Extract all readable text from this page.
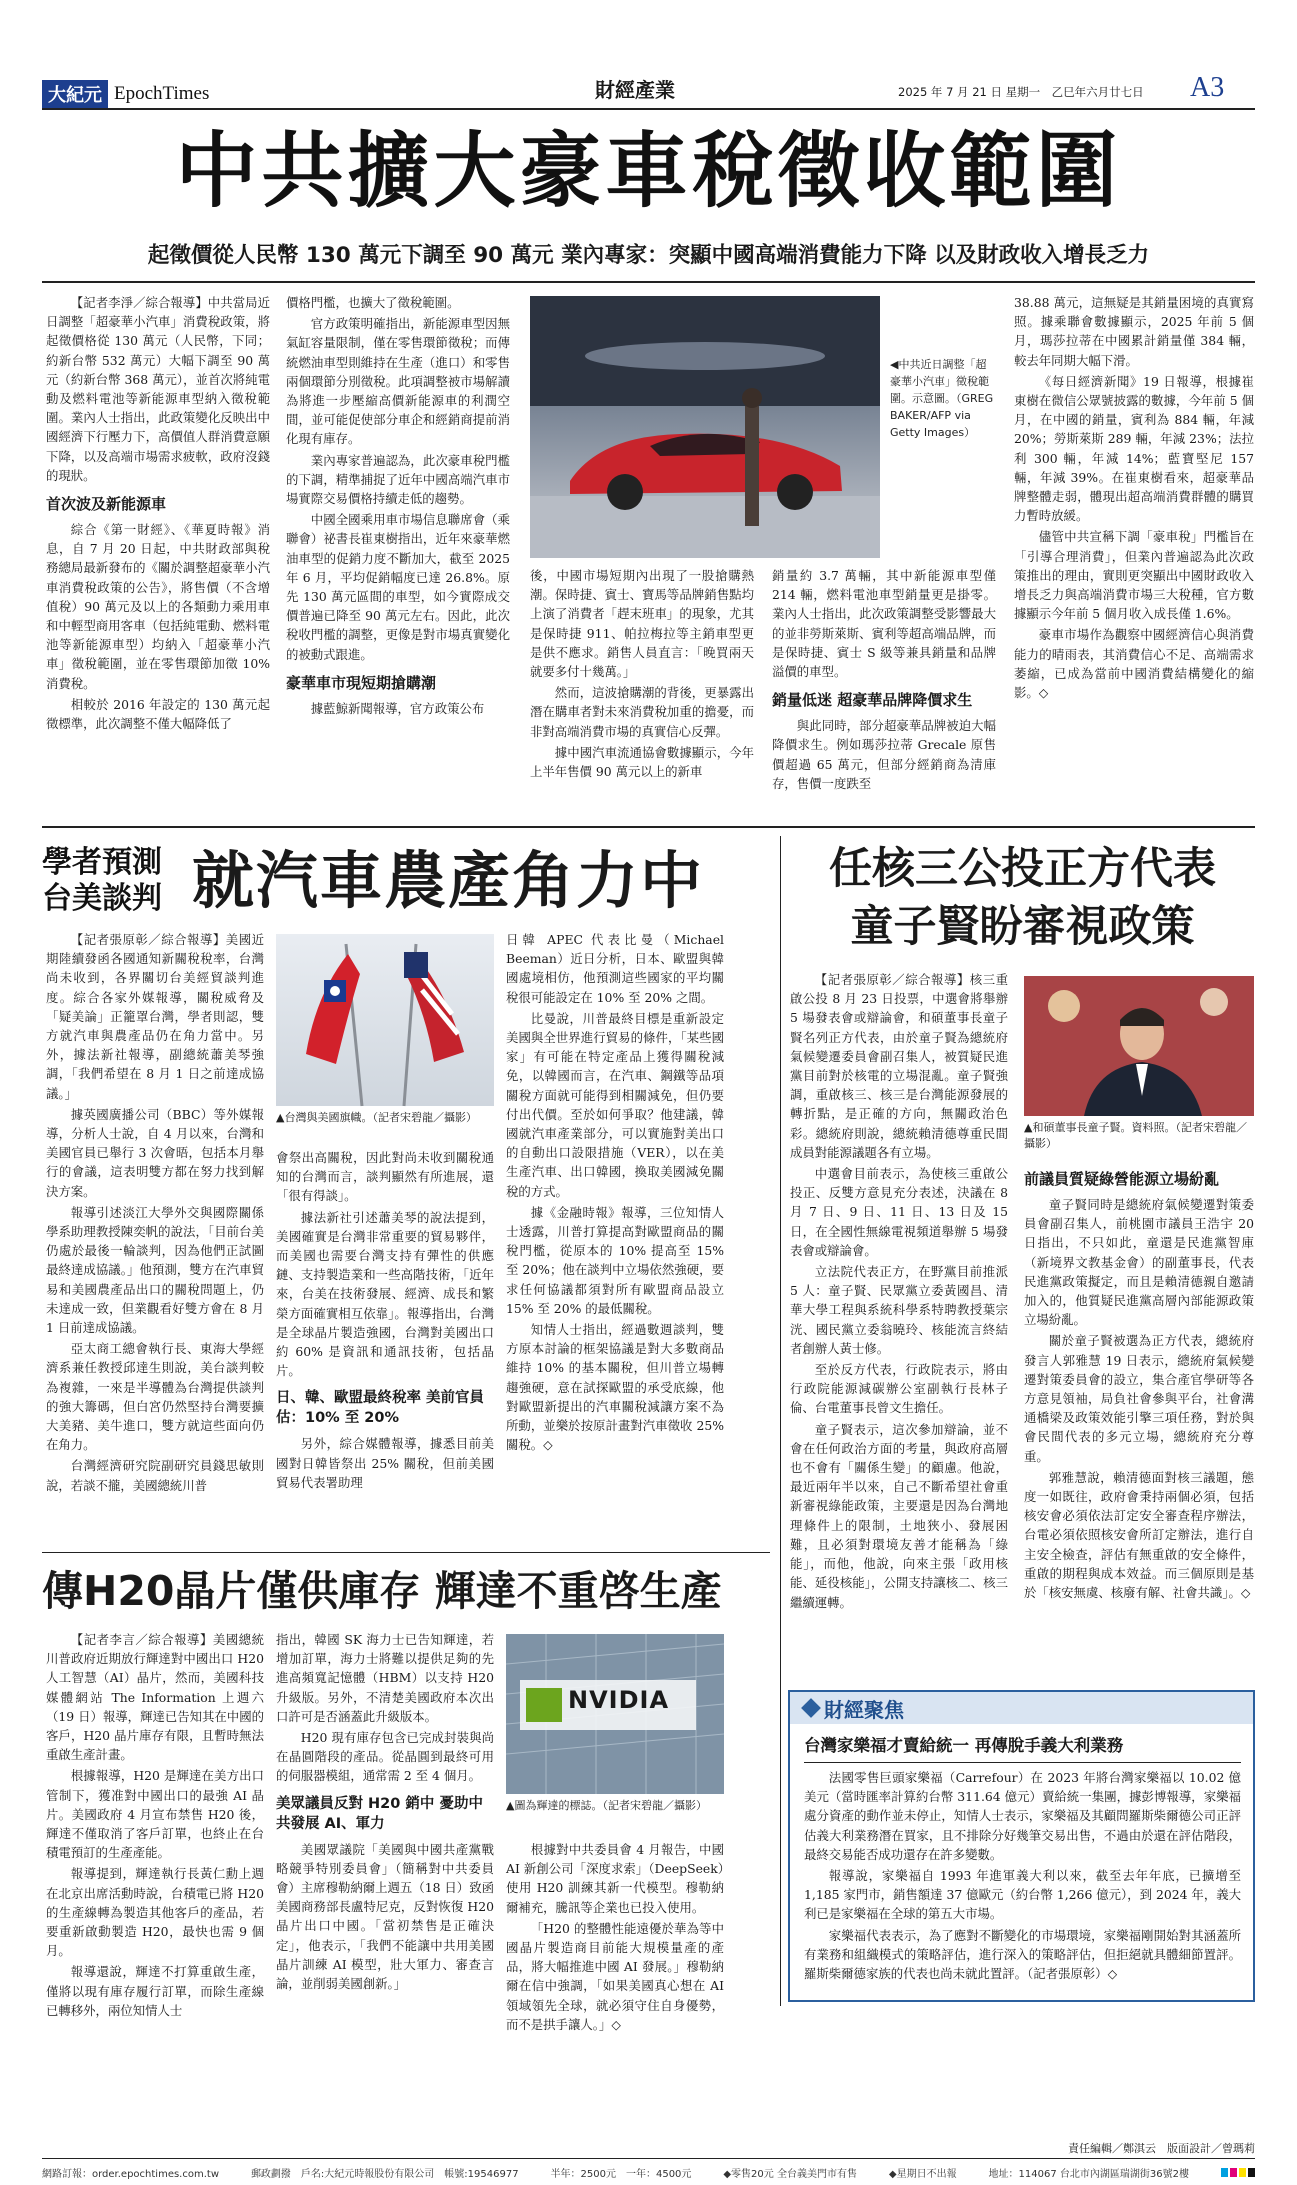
大紀元 EpochTimes	財經產業	2025 年 7 月 21 日 星期一　乙巳年六月廿七日 A3
中共擴大豪車稅徵收範圍
起徵價從人民幣 130 萬元下調至 90 萬元 業內專家：突顯中國高端消費能力下降 以及財政收入增長乏力

【記者李淨／綜合報導】中共當局近日調整「超豪華小汽車」消費稅政策，將起徵價格從 130 萬元（人民幣，下同；約新台幣 532 萬元）大幅下調至 90 萬元（約新台幣 368 萬元），並首次將純電動及燃料電池等新能源車型納入徵稅範圍。業內人士指出，此政策變化反映出中國經濟下行壓力下，高價值人群消費意願下降，以及高端市場需求疲軟，政府沒錢的現狀。

首次波及新能源車

綜合《第一財經》、《華夏時報》消息，自 7 月 20 日起，中共財政部與稅務總局最新發布的《關於調整超豪華小汽車消費稅政策的公告》，將售價（不含增值稅）90 萬元及以上的各類動力乘用車和中輕型商用客車（包括純電動、燃料電池等新能源車型）均納入「超豪華小汽車」徵稅範圍，並在零售環節加徵 10% 消費稅。

相較於 2016 年設定的 130 萬元起徵標準，此次調整不僅大幅降低了

價格門檻，也擴大了徵稅範圍。

官方政策明確指出，新能源車型因無氣缸容量限制，僅在零售環節徵稅；而傳統燃油車型則維持在生產（進口）和零售兩個環節分別徵稅。此項調整被市場解讀為將進一步壓縮高價新能源車的利潤空間，並可能促使部分車企和經銷商提前消化現有庫存。

業內專家普遍認為，此次豪車稅門檻的下調，精準捕捉了近年中國高端汽車市場實際交易價格持續走低的趨勢。

中國全國乘用車市場信息聯席會（乘聯會）祕書長崔東樹指出，近年來豪華燃油車型的促銷力度不斷加大，截至 2025 年 6 月，平均促銷幅度已達 26.8%。原先 130 萬元區間的車型，如今實際成交價普遍已降至 90 萬元左右。因此，此次稅收門檻的調整，更像是對市場真實變化的被動式跟進。

豪華車市現短期搶購潮

據藍鯨新聞報導，官方政策公布

◀中共近日調整「超豪華小汽車」徵稅範圍。示意圖。（GREG BAKER/AFP via Getty Images）

後，中國市場短期內出現了一股搶購熱潮。保時捷、賓士、寶馬等品牌銷售點均上演了消費者「趕末班車」的現象，尤其是保時捷 911、帕拉梅拉等主銷車型更是供不應求。銷售人員直言：「晚買兩天就要多付十幾萬。」

然而，這波搶購潮的背後，更暴露出潛在購車者對未來消費稅加重的擔憂，而非對高端消費市場的真實信心反彈。

據中國汽車流通協會數據顯示，今年上半年售價 90 萬元以上的新車

銷量約 3.7 萬輛，其中新能源車型僅 214 輛，燃料電池車型銷量更是掛零。業內人士指出，此次政策調整受影響最大的並非勞斯萊斯、賓利等超高端品牌，而是保時捷、賓士 S 級等兼具銷量和品牌溢價的車型。

銷量低迷 超豪華品牌降價求生

與此同時，部分超豪華品牌被迫大幅降價求生。例如瑪莎拉蒂 Grecale 原售價超過 65 萬元，但部分經銷商為清庫存，售價一度跌至

38.88 萬元，這無疑是其銷量困境的真實寫照。據乘聯會數據顯示，2025 年前 5 個月，瑪莎拉蒂在中國累計銷量僅 384 輛，較去年同期大幅下滑。

《每日經濟新聞》19 日報導，根據崔東樹在微信公眾號披露的數據，今年前 5 個月，在中國的銷量，賓利為 884 輛，年減 20%；勞斯萊斯 289 輛，年減 23%；法拉利 300 輛，年減 14%；藍寶堅尼 157 輛，年減 39%。在崔東樹看來，超豪華品牌整體走弱，體現出超高端消費群體的購買力暫時放緩。

儘管中共宣稱下調「豪車稅」門檻旨在「引導合理消費」，但業內普遍認為此次政策推出的理由，實則更突顯出中國財政收入增長乏力與高端消費市場三大稅種，官方數據顯示今年前 5 個月收入成長僅 1.6%。

豪車市場作為觀察中國經濟信心與消費能力的晴雨表，其消費信心不足、高端需求萎縮，已成為當前中國消費結構變化的縮影。◇

學者預測
台美談判 就汽車農產角力中

【記者張原彰／綜合報導】美國近期陸續發函各國通知新關稅稅率，台灣尚未收到，各界關切台美經貿談判進度。綜合各家外媒報導，關稅威脅及「疑美論」正籠罩台灣，學者則認，雙方就汽車與農產品仍在角力當中。另外，據法新社報導，副總統蕭美琴強調，「我們希望在 8 月 1 日之前達成協議。」

據英國廣播公司（BBC）等外媒報導，分析人士說，自 4 月以來，台灣和美國官員已舉行 3 次會晤，包括本月舉行的會議，這表明雙方都在努力找到解決方案。

報導引述淡江大學外交與國際關係學系助理教授陳奕帆的說法，「目前台美仍處於最後一輪談判，因為他們正試圖最終達成協議。」他預測，雙方在汽車貿易和美國農產品出口的關稅問題上，仍未達成一致，但業觀看好雙方會在 8 月 1 日前達成協議。

亞太商工總會執行長、東海大學經濟系兼任教授邱達生則說，美台談判較為複雜，一來是半導體為台灣提供談判的強大籌碼，但白宮仍然堅持台灣要擴大美豬、美牛進口，雙方就這些面向仍在角力。

台灣經濟研究院副研究員錢思敏則說，若談不攏，美國總統川普

▲台灣與美國旗幟。（記者宋碧龍／攝影）

會祭出高關稅，因此對尚未收到關稅通知的台灣而言，談判顯然有所進展，還「很有得談」。

據法新社引述蕭美琴的說法提到，美國確實是台灣非常重要的貿易夥伴，而美國也需要台灣支持有彈性的供應鏈、支持製造業和一些高階技術，「近年來，台美在技術發展、經濟、成長和繁榮方面確實相互依靠」。報導指出，台灣是全球晶片製造強國，台灣對美國出口約 60% 是資訊和通訊技術，包括晶片。

日、韓、歐盟最終稅率 美前官員估：10% 至 20%

另外，綜合媒體報導，據悉目前美國對日韓皆祭出 25% 關稅，但前美國貿易代表署助理

日韓 APEC 代表比曼（Michael Beeman）近日分析，日本、歐盟與韓國處境相仿，他預測這些國家的平均關稅很可能設定在 10% 至 20% 之間。

比曼說，川普最終目標是重新設定美國與全世界進行貿易的條件，「某些國家」有可能在特定產品上獲得關稅減免，以韓國而言，在汽車、鋼鐵等品項關稅方面就可能得到相關減免，但仍要付出代價。至於如何爭取？他建議，韓國就汽車產業部分，可以實施對美出口的自動出口設限措施（VER），以在美生產汽車、出口韓國，換取美國減免關稅的方式。

據《金融時報》報導，三位知情人士透露，川普打算提高對歐盟商品的關稅門檻，從原本的 10% 提高至 15% 至 20%；他在談判中立場依然強硬，要求任何協議都須對所有歐盟商品設立 15% 至 20% 的最低關稅。

知情人士指出，經過數週談判，雙方原本討論的框架協議是對大多數商品維持 10% 的基本關稅，但川普立場轉趨強硬，意在試探歐盟的承受底線，他對歐盟新提出的汽車關稅減讓方案不為所動，並樂於按原計畫對汽車徵收 25% 關稅。◇

傳H20晶片僅供庫存 輝達不重啓生產

【記者李言／綜合報導】美國總統川普政府近期放行輝達對中國出口 H20 人工智慧（AI）晶片，然而，美國科技媒體網站 The Information 上週六（19 日）報導，輝達已告知其在中國的客戶，H20 晶片庫存有限，且暫時無法重啟生產計畫。

根據報導，H20 是輝達在美方出口管制下，獲准對中國出口的最強 AI 晶片。美國政府 4 月宣布禁售 H20 後，輝達不僅取消了客戶訂單，也終止在台積電預訂的生產產能。

報導提到，輝達執行長黃仁勳上週在北京出席活動時說，台積電已將 H20 的生產線轉為製造其他客戶的產品，若要重新啟動製造 H20，最快也需 9 個月。

報導還說，輝達不打算重啟生產，僅將以現有庫存履行訂單，而除生產線已轉移外，兩位知情人士

指出，韓國 SK 海力士已告知輝達，若增加訂單，海力士將難以提供足夠的先進高頻寬記憶體（HBM）以支持 H20 升級版。另外，不清楚美國政府本次出口許可是否涵蓋此升級版本。

H20 現有庫存包含已完成封裝與尚在晶圓階段的產品。從晶圓到最終可用的伺服器模組，通常需 2 至 4 個月。

美眾議員反對 H20 銷中 憂助中共發展 AI、軍力

美國眾議院「美國與中國共產黨戰略競爭特別委員會」（簡稱對中共委員會）主席穆勒納爾上週五（18 日）致函美國商務部長盧特尼克，反對恢復 H20 晶片出口中國。「當初禁售是正確決定」，他表示，「我們不能讓中共用美國晶片訓練 AI 模型，壯大軍力、審查言論，並削弱美國創新。」

NVIDIA
▲圖為輝達的標誌。（記者宋碧龍／攝影）

根據對中共委員會 4 月報告，中國 AI 新創公司「深度求索」（DeepSeek）使用 H20 訓練其新一代模型。穆勒納爾補充，騰訊等企業也已投入使用。

「H20 的整體性能遠優於華為等中國晶片製造商目前能大規模量產的產品，將大幅推進中國 AI 發展。」穆勒納爾在信中強調，「如果美國真心想在 AI 領域領先全球，就必須守住自身優勢，而不是拱手讓人。」◇

任核三公投正方代表
童子賢盼審視政策

【記者張原彰／綜合報導】核三重啟公投 8 月 23 日投票，中選會將舉辦 5 場發表會或辯論會，和碩董事長童子賢名列正方代表，由於童子賢為總統府氣候變遷委員會副召集人，被質疑民進黨目前對於核電的立場混亂。童子賢強調，重啟核三、核三是台灣能源發展的轉折點，是正確的方向，無關政治色彩。總統府則說，總統賴清德尊重民間成員對能源議題各有立場。

中選會目前表示，為使核三重啟公投正、反雙方意見充分表述，決議在 8 月 7 日、9 日、11 日、13 日及 15 日，在全國性無線電視頻道舉辦 5 場發表會或辯論會。

立法院代表正方，在野黨目前推派 5 人：童子賢、民眾黨立委黃國昌、清華大學工程與系統科學系特聘教授葉宗洸、國民黨立委翁曉玲、核能流言終結者創辦人黃士修。

至於反方代表，行政院表示，將由行政院能源減碳辦公室副執行長林子倫、台電董事長曾文生擔任。

童子賢表示，這次參加辯論，並不會在任何政治方面的考量，與政府高層也不會有「關係生變」的顧慮。他說，最近兩年半以來，自己不斷希望社會重新審視綠能政策，主要還是因為台灣地理條件上的限制，土地狹小、發展困難，且必須對環境友善才能稱為「綠能」，而他，他說，向來主張「政用核能、延役核能」，公開支持讓核二、核三繼續運轉。

▲和碩董事長童子賢。資料照。（記者宋碧龍／攝影）
前議員質疑綠營能源立場紛亂

童子賢同時是總統府氣候變遷對策委員會副召集人，前桃園市議員王浩宇 20 日指出，不只如此，童還是民進黨智庫（新境界文教基金會）的副董事長，代表民進黨政策擬定，而且是賴清德親自邀請加入的，他質疑民進黨高層內部能源政策立場紛亂。

關於童子賢被選為正方代表，總統府發言人郭雅慧 19 日表示，總統府氣候變遷對策委員會的設立，集合產官學研等各方意見領袖，局負社會參與平台，社會溝通橋梁及政策效能引擎三項任務，對於與會民間代表的多元立場，總統府充分尊重。

郭雅慧說，賴清德面對核三議題，態度一如既往，政府會秉持兩個必須，包括核安會必須依法訂定安全審查程序辦法，台電必須依照核安會所訂定辦法，進行自主安全檢查，評估有無重啟的安全條件，重啟的期程與成本效益。而三個原則是基於「核安無虞、核廢有解、社會共識」。◇

財經聚焦
台灣家樂福才賣給統一 再傳脫手義大利業務

法國零售巨頭家樂福（Carrefour）在 2023 年將台灣家樂福以 10.02 億美元（當時匯率計算約台幣 311.64 億元）賣給統一集團，據彭博報導，家樂福處分資產的動作並未停止，知情人士表示，家樂福及其顧問羅斯柴爾德公司正評估義大利業務潛在買家，且不排除分好幾筆交易出售，不過由於還在評估階段，最終交易能否成功還存在許多變數。

報導說，家樂福自 1993 年進軍義大利以來，截至去年年底，已擴增至 1,185 家門市，銷售額達 37 億歐元（約台幣 1,266 億元），到 2024 年，義大利已是家樂福在全球的第五大市場。

家樂福代表表示，為了應對不斷變化的市場環境，家樂福剛開始對其涵蓋所有業務和組織模式的策略評估，進行深入的策略評估，但拒絕就具體細節置評。羅斯柴爾德家族的代表也尚未就此置評。（記者張原彰）◇

責任編輯／鄭淇云　版面設計／曾瑪莉
網路訂報：order.epochtimes.com.tw	郵政劃撥　戶名:大紀元時報股份有限公司　帳號:19546977	半年：2500元　一年：4500元	◆零售20元 全台義美門市有售	◆星期日不出報	地址：114067 台北市內湖區瑞湖街36號2樓
